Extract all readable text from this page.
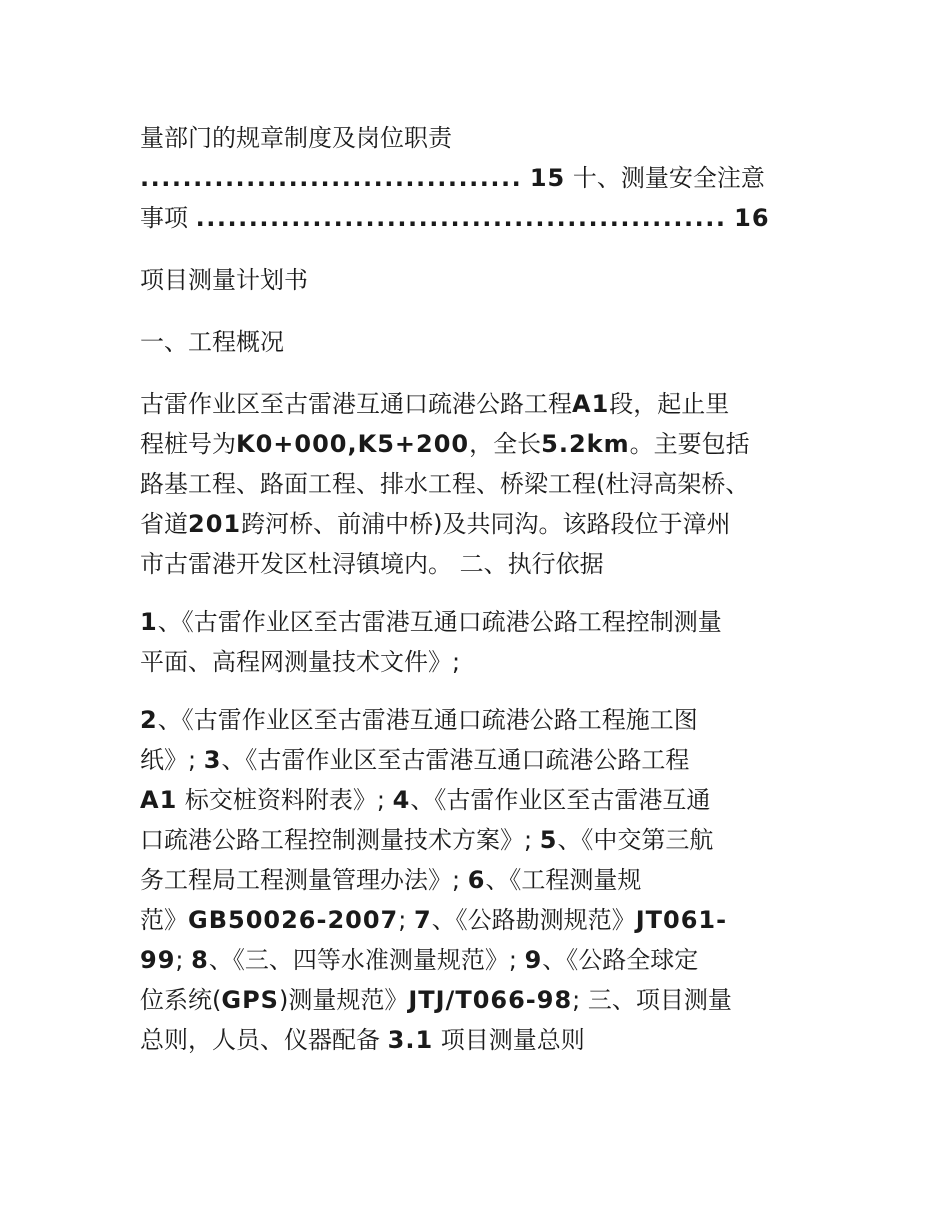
量部门的规章制度及岗位职责
.................................... 15 十、测量安全注意
事项 .................................................. 16
项目测量计划书
一、工程概况
古雷作业区至古雷港互通口疏港公路工程A1段，起止里
程桩号为K0+000,K5+200，全长5.2km。主要包括
路基工程、路面工程、排水工程、桥梁工程(杜浔高架桥、
省道201跨河桥、前浦中桥)及共同沟。该路段位于漳州
市古雷港开发区杜浔镇境内。 二、执行依据
1、《古雷作业区至古雷港互通口疏港公路工程控制测量
平面、高程网测量技术文件》;
2、《古雷作业区至古雷港互通口疏港公路工程施工图
纸》; 3、《古雷作业区至古雷港互通口疏港公路工程
A1 标交桩资料附表》; 4、《古雷作业区至古雷港互通
口疏港公路工程控制测量技术方案》; 5、《中交第三航
务工程局工程测量管理办法》; 6、《工程测量规
范》GB50026-2007; 7、《公路勘测规范》JT061-
99; 8、《三、四等水准测量规范》; 9、《公路全球定
位系统(GPS)测量规范》JTJ/T066-98; 三、项目测量
总则，人员、仪器配备 3.1 项目测量总则
